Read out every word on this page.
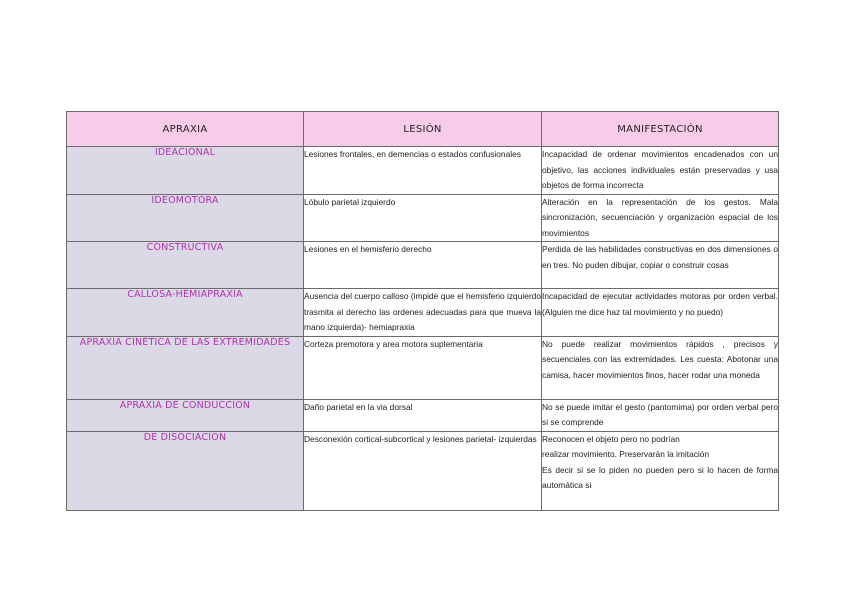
APRAXIA	LESIÓN	MANIFESTACIÓN
IDEACIONAL	Lesiones frontales, en demencias o estados confusionales	Incapacidad de ordenar movimientos encadenados con un objetivo, las acciones individuales están preservadas y usa objetos de forma incorrecta
IDEOMOTORA	Lóbulo parietal izquierdo	Alteración en la representación de los gestos. Mala sincronización, secuenciación y organización espacial de los movimientos
CONSTRUCTIVA	Lesiones en el hemisferio derecho	Perdida de las habilidades constructivas en dos dimensiones o en tres. No puden dibujar, copiar o construir cosas
CALLOSA-HEMIAPRAXIA	Ausencia del cuerpo calloso (impide que el hemisferio izquierdo trasmita al derecho las ordenes adecuadas para que mueva la mano izquierda)- hemiapraxia	Incapacidad de ejecutar actividades motoras por orden verbal. (Alguien me dice haz tal movimiento y no puedo)
APRAXIA CINÉTICA DE LAS EXTREMIDADES	Corteza premotora y area motora suplementaria	No puede realizar movimientos rápidos , precisos y secuenciales con las extremidades. Les cuesta: Abotonar una camisa, hacer movimientos finos, hacer rodar una moneda
APRAXIA DE CONDUCCIÓN	Daño parietal en la via dorsal	No se puede imitar el gesto (pantomima) por orden verbal pero si se comprende
DE DISOCIACIÓN	Desconexión cortical-subcortical y lesiones parietal- izquierdas	Reconocen el objeto pero no podrían
realizar movimiento. Preservarán la imitación
Es decir si se lo piden no pueden pero si lo hacen de forma automática si
